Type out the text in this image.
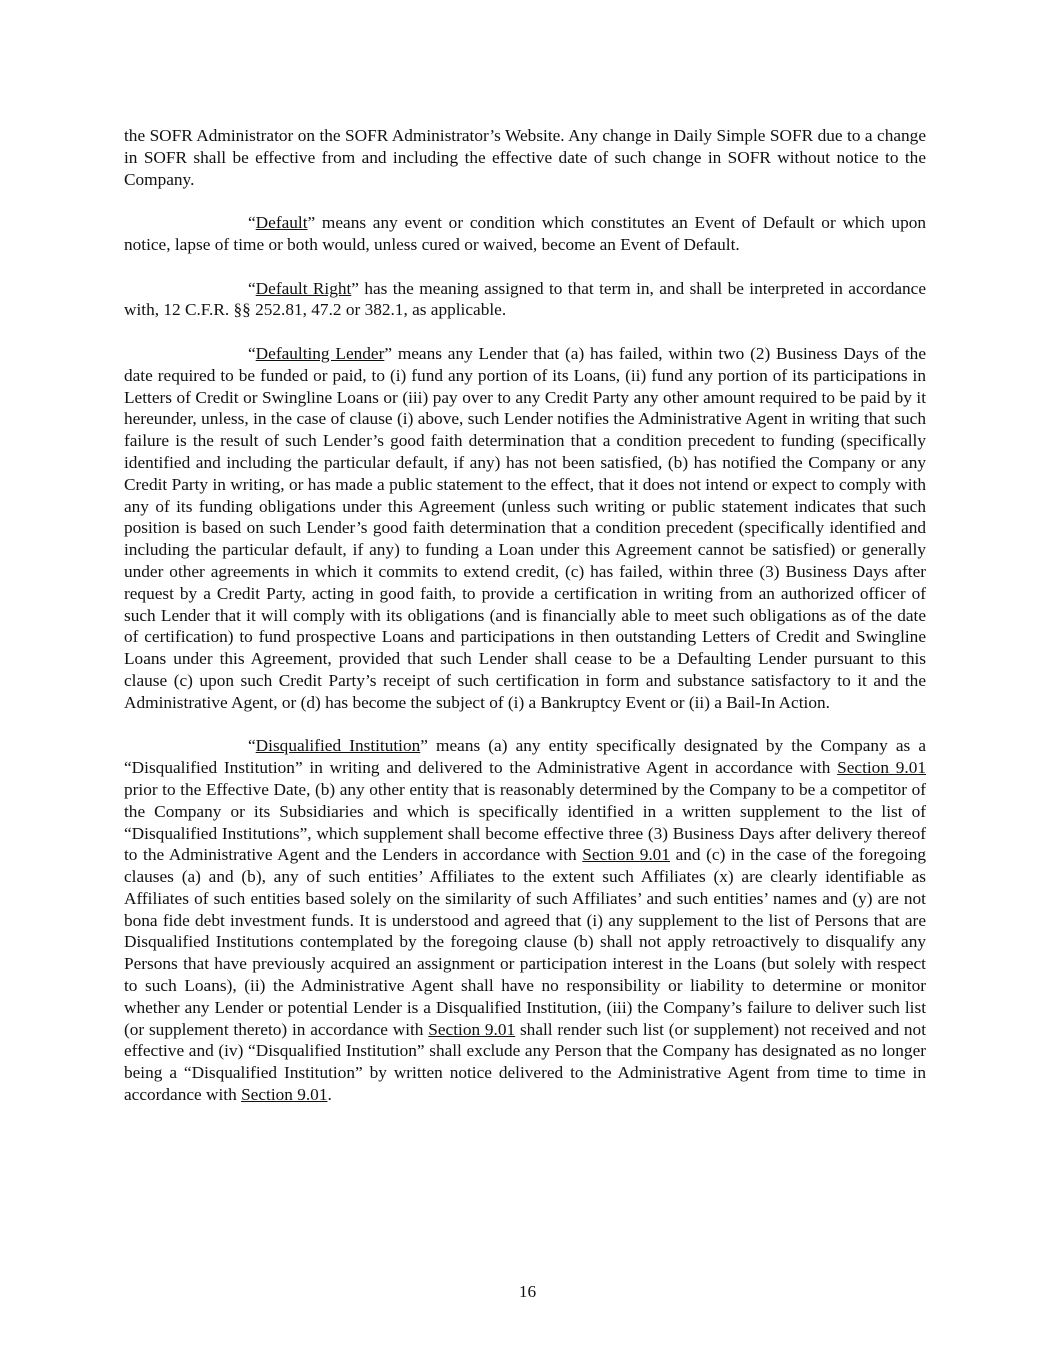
the SOFR Administrator on the SOFR Administrator’s Website. Any change in Daily Simple SOFR due to a change in SOFR shall be effective from and including the effective date of such change in SOFR without notice to the Company.

“Default” means any event or condition which constitutes an Event of Default or which upon notice, lapse of time or both would, unless cured or waived, become an Event of Default.

“Default Right” has the meaning assigned to that term in, and shall be interpreted in accordance with, 12 C.F.R. §§ 252.81, 47.2 or 382.1, as applicable.

“Defaulting Lender” means any Lender that (a) has failed, within two (2) Business Days of the date required to be funded or paid, to (i) fund any portion of its Loans, (ii) fund any portion of its participations in Letters of Credit or Swingline Loans or (iii) pay over to any Credit Party any other amount required to be paid by it hereunder, unless, in the case of clause (i) above, such Lender notifies the Administrative Agent in writing that such failure is the result of such Lender’s good faith determination that a condition precedent to funding (specifically identified and including the particular default, if any) has not been satisfied, (b) has notified the Company or any Credit Party in writing, or has made a public statement to the effect, that it does not intend or expect to comply with any of its funding obligations under this Agreement (unless such writing or public statement indicates that such position is based on such Lender’s good faith determination that a condition precedent (specifically identified and including the particular default, if any) to funding a Loan under this Agreement cannot be satisfied) or generally under other agreements in which it commits to extend credit, (c) has failed, within three (3) Business Days after request by a Credit Party, acting in good faith, to provide a certification in writing from an authorized officer of such Lender that it will comply with its obligations (and is financially able to meet such obligations as of the date of certification) to fund prospective Loans and participations in then outstanding Letters of Credit and Swingline Loans under this Agreement, provided that such Lender shall cease to be a Defaulting Lender pursuant to this clause (c) upon such Credit Party’s receipt of such certification in form and substance satisfactory to it and the Administrative Agent, or (d) has become the subject of (i) a Bankruptcy Event or (ii) a Bail-In Action.

“Disqualified Institution” means (a) any entity specifically designated by the Company as a “Disqualified Institution” in writing and delivered to the Administrative Agent in accordance with Section 9.01 prior to the Effective Date, (b) any other entity that is reasonably determined by the Company to be a competitor of the Company or its Subsidiaries and which is specifically identified in a written supplement to the list of “Disqualified Institutions”, which supplement shall become effective three (3) Business Days after delivery thereof to the Administrative Agent and the Lenders in accordance with Section 9.01 and (c) in the case of the foregoing clauses (a) and (b), any of such entities’ Affiliates to the extent such Affiliates (x) are clearly identifiable as Affiliates of such entities based solely on the similarity of such Affiliates’ and such entities’ names and (y) are not bona fide debt investment funds. It is understood and agreed that (i) any supplement to the list of Persons that are Disqualified Institutions contemplated by the foregoing clause (b) shall not apply retroactively to disqualify any Persons that have previously acquired an assignment or participation interest in the Loans (but solely with respect to such Loans), (ii) the Administrative Agent shall have no responsibility or liability to determine or monitor whether any Lender or potential Lender is a Disqualified Institution, (iii) the Company’s failure to deliver such list (or supplement thereto) in accordance with Section 9.01 shall render such list (or supplement) not received and not effective and (iv) “Disqualified Institution” shall exclude any Person that the Company has designated as no longer being a “Disqualified Institution” by written notice delivered to the Administrative Agent from time to time in accordance with Section 9.01.

16
